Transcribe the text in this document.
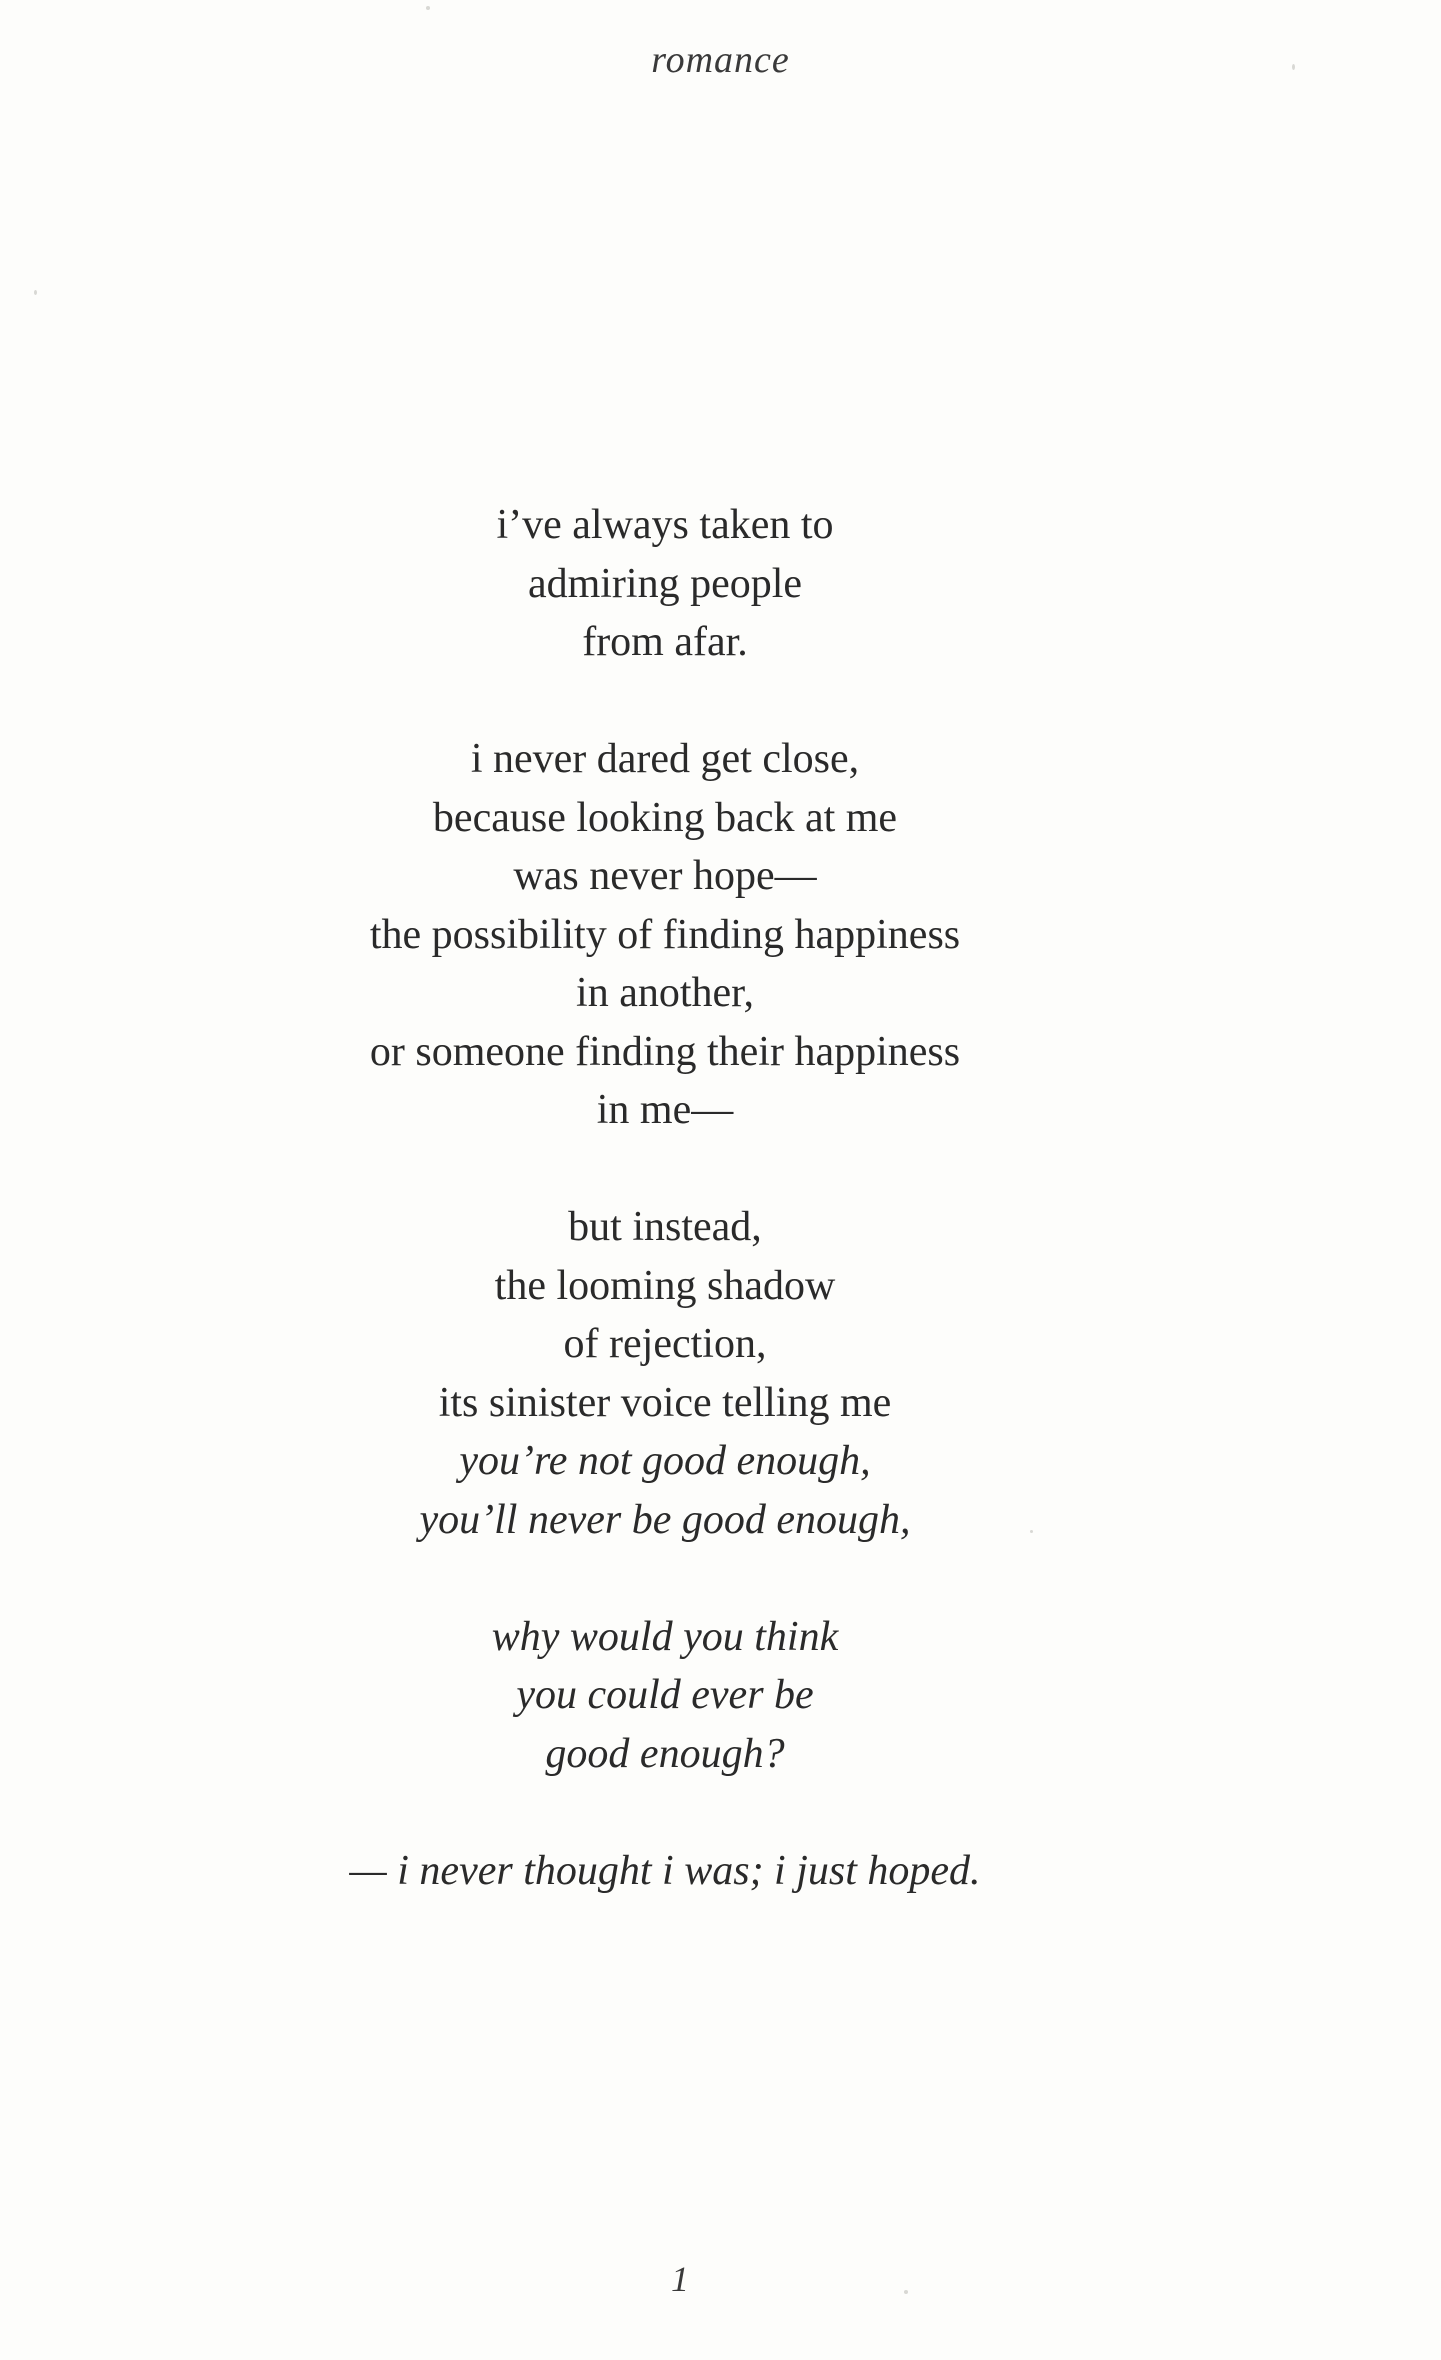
romance

i’ve always taken to
admiring people
from afar.
i never dared get close,
because looking back at me
was never hope—
the possibility of finding happiness
in another,
or someone finding their happiness
in me—
but instead,
the looming shadow
of rejection,
its sinister voice telling me
you’re not good enough,
you’ll never be good enough,
why would you think
you could ever be
good enough?
— i never thought i was; i just hoped.

1
